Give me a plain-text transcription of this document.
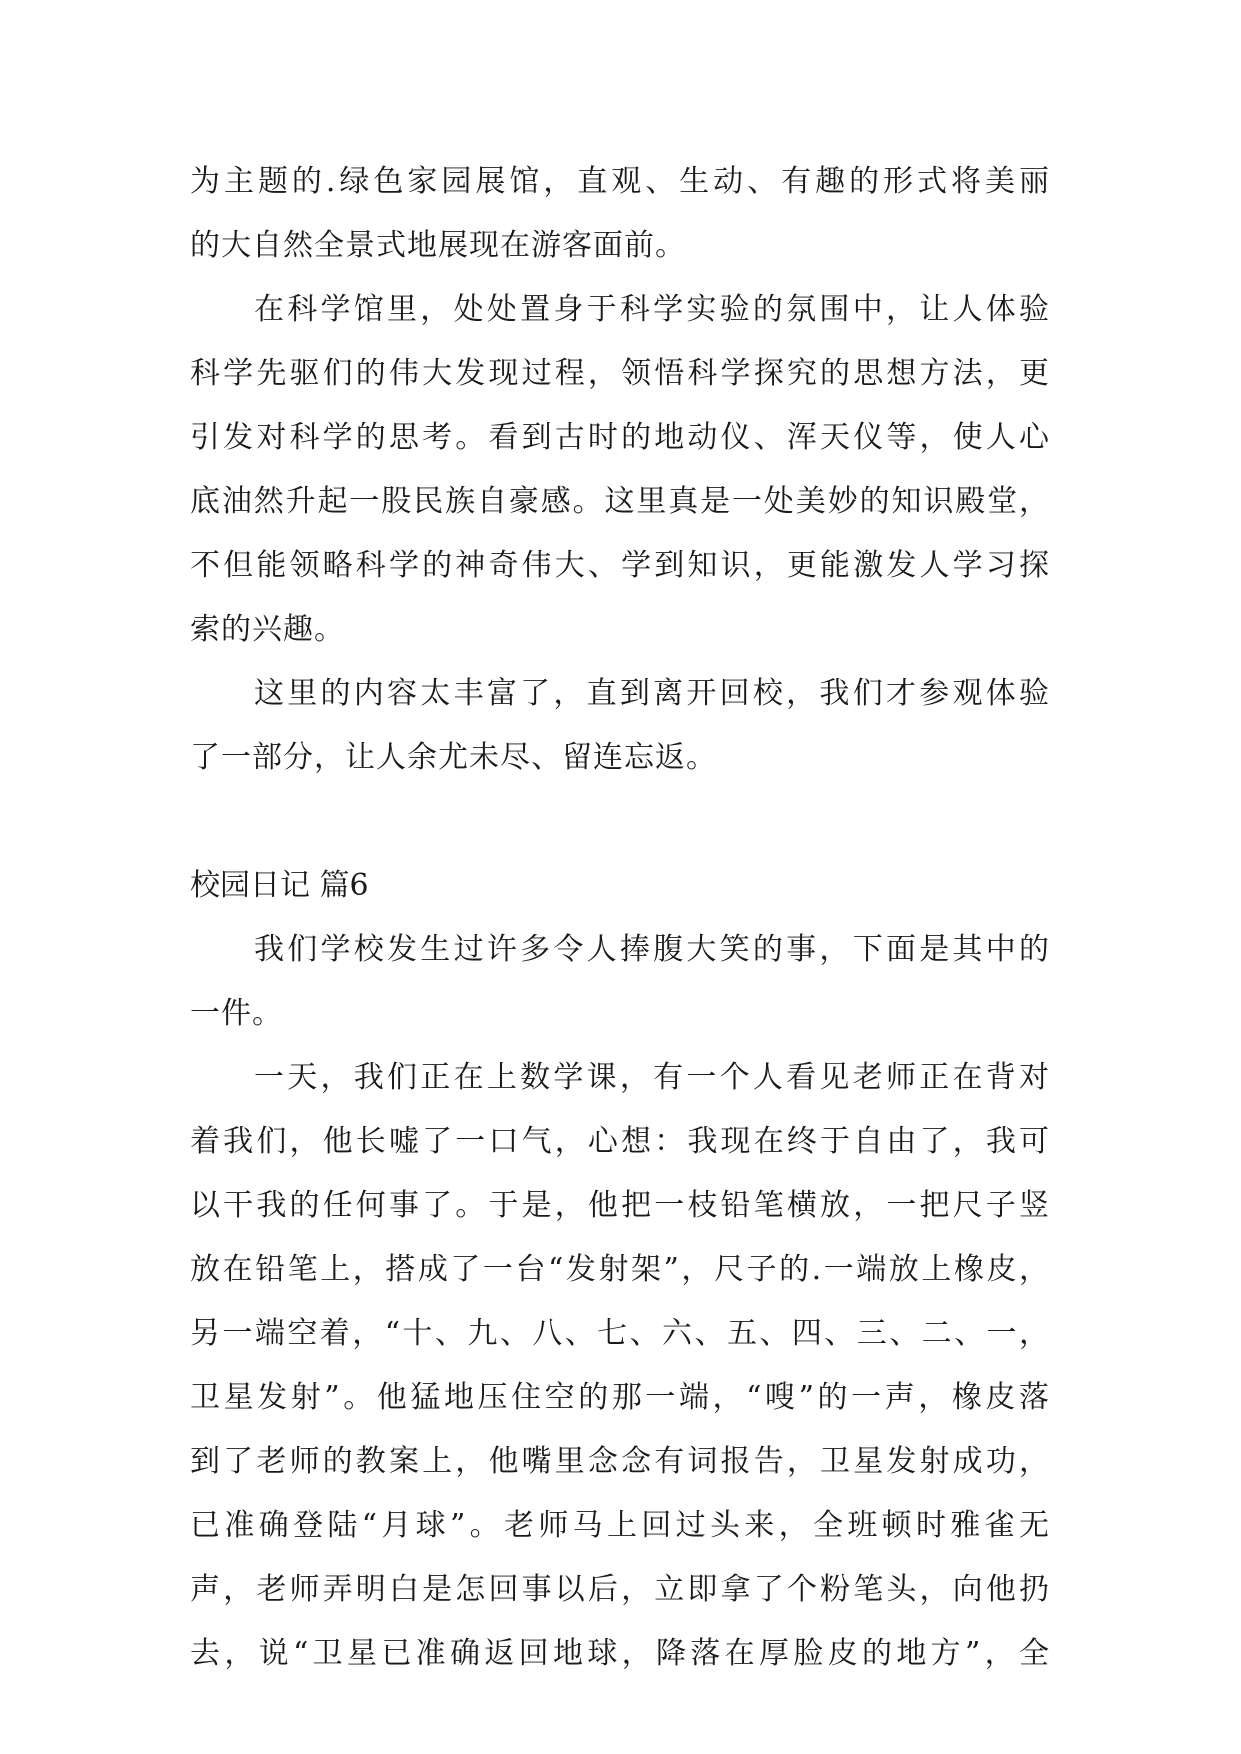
为主题的.绿色家园展馆，直观、生动、有趣的形式将美丽
的大自然全景式地展现在游客面前。
在科学馆里，处处置身于科学实验的氛围中，让人体验
科学先驱们的伟大发现过程，领悟科学探究的思想方法，更
引发对科学的思考。看到古时的地动仪、浑天仪等，使人心
底油然升起一股民族自豪感。这里真是一处美妙的知识殿堂，
不但能领略科学的神奇伟大、学到知识，更能激发人学习探
索的兴趣。
这里的内容太丰富了，直到离开回校，我们才参观体验
了一部分，让人余尤未尽、留连忘返。
校园日记 篇6
我们学校发生过许多令人捧腹大笑的事，下面是其中的
一件。
一天，我们正在上数学课，有一个人看见老师正在背对
着我们，他长嘘了一口气，心想：我现在终于自由了，我可
以干我的任何事了。于是，他把一枝铅笔横放，一把尺子竖
放在铅笔上，搭成了一台“发射架”，尺子的.一端放上橡皮，
另一端空着，“十、九、八、七、六、五、四、三、二、一，
卫星发射”。他猛地压住空的那一端，“嗖”的一声，橡皮落
到了老师的教案上，他嘴里念念有词报告，卫星发射成功，
已准确登陆“月球”。老师马上回过头来，全班顿时雅雀无
声，老师弄明白是怎回事以后，立即拿了个粉笔头，向他扔
去，说“卫星已准确返回地球，降落在厚脸皮的地方”，全
